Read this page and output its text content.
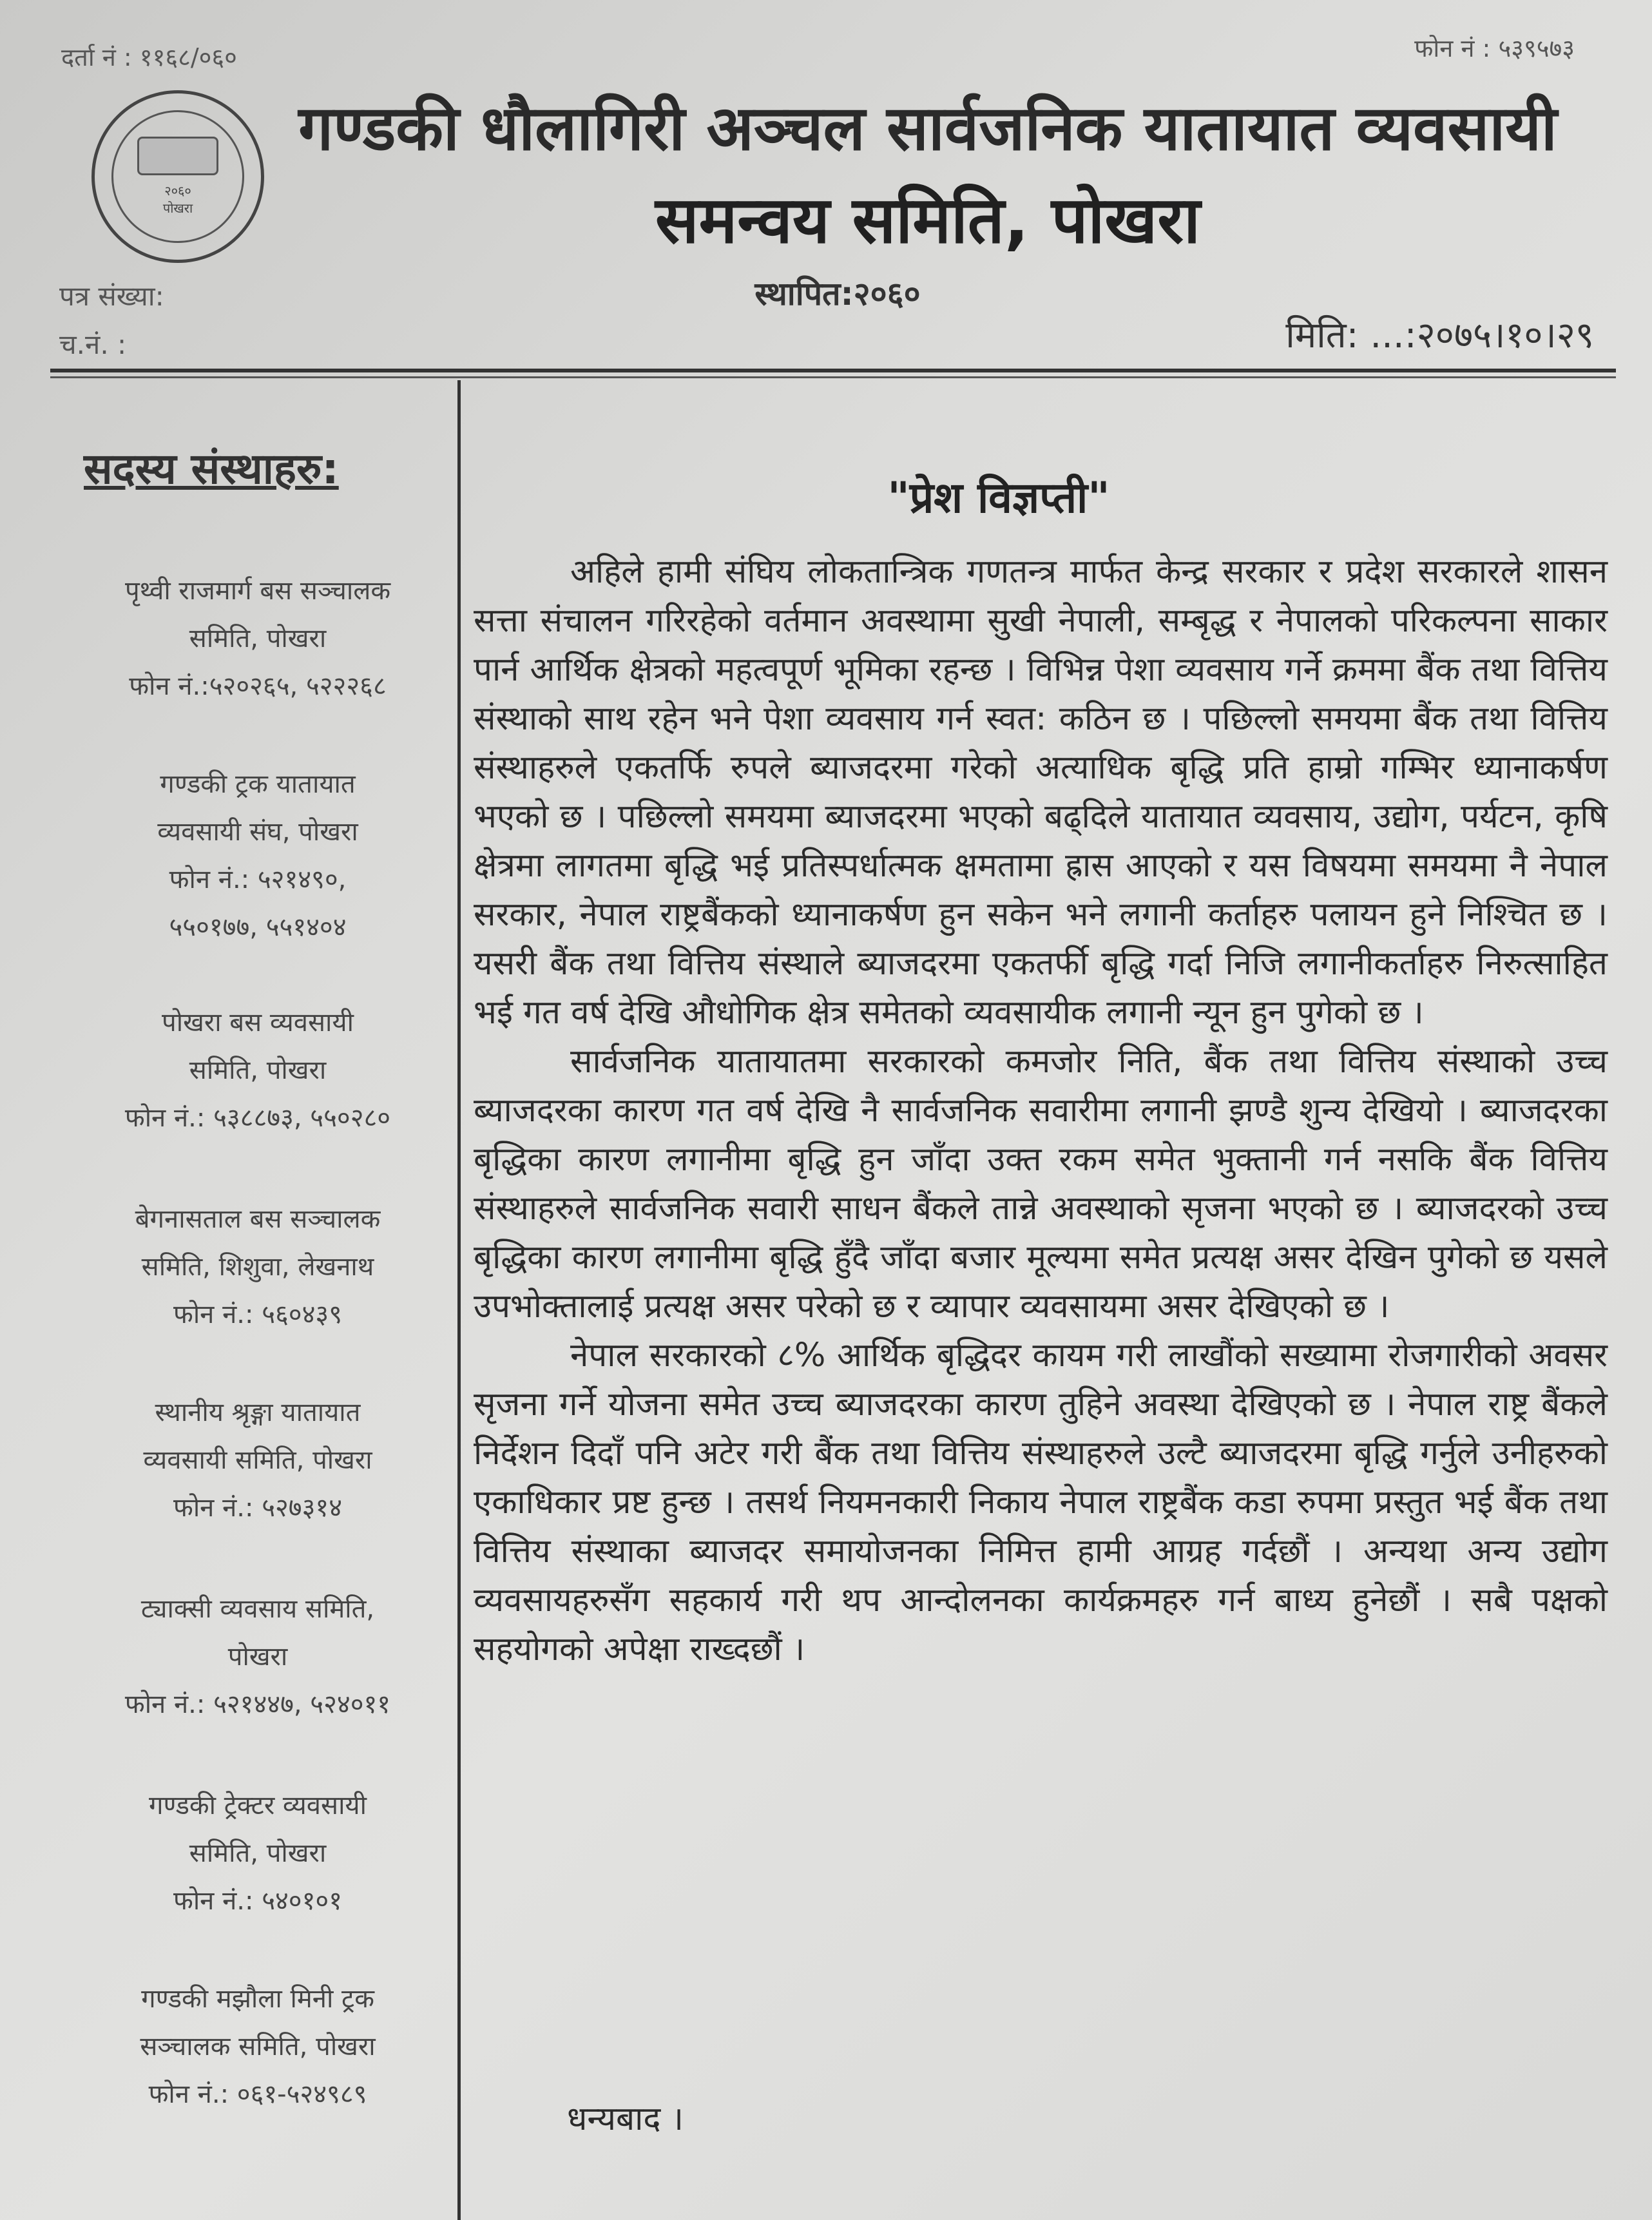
दर्ता नं : ११६८/०६०	फोन नं : ५३९५७३
२०६०
पोखरा
गण्डकी धौलागिरी अञ्चल सार्वजनिक यातायात व्यवसायी
समन्वय समिति, पोखरा
स्थापित:२०६०
पत्र संख्या:
च.नं. :	मिति: ...:२०७५।१०।२९
सदस्य संस्थाहरु:
पृथ्वी राजमार्ग बस सञ्चालक
समिति, पोखरा
फोन नं.:५२०२६५, ५२२२६८
गण्डकी ट्रक यातायात
व्यवसायी संघ, पोखरा
फोन नं.: ५२१४९०,
५५०१७७, ५५१४०४
पोखरा बस व्यवसायी
समिति, पोखरा
फोन नं.: ५३८८७३, ५५०२८०
बेगनासताल बस सञ्चालक
समिति, शिशुवा, लेखनाथ
फोन नं.: ५६०४३९
स्थानीय श्रृङ्गा यातायात
व्यवसायी समिति, पोखरा
फोन नं.: ५२७३१४
ट्याक्सी व्यवसाय समिति,
पोखरा
फोन नं.: ५२१४४७, ५२४०११
गण्डकी ट्रेक्टर व्यवसायी
समिति, पोखरा
फोन नं.: ५४०१०१
गण्डकी मझौला मिनी ट्रक
सञ्चालक समिति, पोखरा
फोन नं.: ०६१-५२४९८९
"प्रेश विज्ञप्ती"

अहिले हामी संघिय लोकतान्त्रिक गणतन्त्र मार्फत केन्द्र सरकार र प्रदेश सरकारले शासन सत्ता संचालन गरिरहेको वर्तमान अवस्थामा सुखी नेपाली, सम्बृद्ध र नेपालको परिकल्पना साकार पार्न आर्थिक क्षेत्रको महत्वपूर्ण भूमिका रहन्छ । विभिन्न पेशा व्यवसाय गर्ने क्रममा बैंक तथा वित्तिय संस्थाको साथ रहेन भने पेशा व्यवसाय गर्न स्वत: कठिन छ । पछिल्लो समयमा बैंक तथा वित्तिय संस्थाहरुले एकतर्फि रुपले ब्याजदरमा गरेको अत्याधिक बृद्धि प्रति हाम्रो गम्भिर ध्यानाकर्षण भएको छ । पछिल्लो समयमा ब्याजदरमा भएको बढ्दिले यातायात व्यवसाय, उद्योग, पर्यटन, कृषि क्षेत्रमा लागतमा बृद्धि भई प्रतिस्पर्धात्मक क्षमतामा ह्रास आएको र यस विषयमा समयमा नै नेपाल सरकार, नेपाल राष्ट्रबैंकको ध्यानाकर्षण हुन सकेन भने लगानी कर्ताहरु पलायन हुने निश्चित छ । यसरी बैंक तथा वित्तिय संस्थाले ब्याजदरमा एकतर्फी बृद्धि गर्दा निजि लगानीकर्ताहरु निरुत्साहित भई गत वर्ष देखि औधोगिक क्षेत्र समेतको व्यवसायीक लगानी न्यून हुन पुगेको छ ।

सार्वजनिक यातायातमा सरकारको कमजोर निति, बैंक तथा वित्तिय संस्थाको उच्च ब्याजदरका कारण गत वर्ष देखि नै सार्वजनिक सवारीमा लगानी झण्डै शुन्य देखियो । ब्याजदरका बृद्धिका कारण लगानीमा बृद्धि हुन जाँदा उक्त रकम समेत भुक्तानी गर्न नसकि बैंक वित्तिय संस्थाहरुले सार्वजनिक सवारी साधन बैंकले तान्ने अवस्थाको सृजना भएको छ । ब्याजदरको उच्च बृद्धिका कारण लगानीमा बृद्धि हुँदै जाँदा बजार मूल्यमा समेत प्रत्यक्ष असर देखिन पुगेको छ यसले उपभोक्तालाई प्रत्यक्ष असर परेको छ र व्यापार व्यवसायमा असर देखिएको छ ।

नेपाल सरकारको ८% आर्थिक बृद्धिदर कायम गरी लाखौंको सख्यामा रोजगारीको अवसर सृजना गर्ने योजना समेत उच्च ब्याजदरका कारण तुहिने अवस्था देखिएको छ । नेपाल राष्ट्र बैंकले निर्देशन दिदाँ पनि अटेर गरी बैंक तथा वित्तिय संस्थाहरुले उल्टै ब्याजदरमा बृद्धि गर्नुले उनीहरुको एकाधिकार प्रष्ट हुन्छ । तसर्थ नियमनकारी निकाय नेपाल राष्ट्रबैंक कडा रुपमा प्रस्तुत भई बैंक तथा वित्तिय संस्थाका ब्याजदर समायोजनका निमित्त हामी आग्रह गर्दछौं । अन्यथा अन्य उद्योग व्यवसायहरुसँग सहकार्य गरी थप आन्दोलनका कार्यक्रमहरु गर्न बाध्य हुनेछौं । सबै पक्षको सहयोगको अपेक्षा राख्दछौं ।

धन्यबाद ।
